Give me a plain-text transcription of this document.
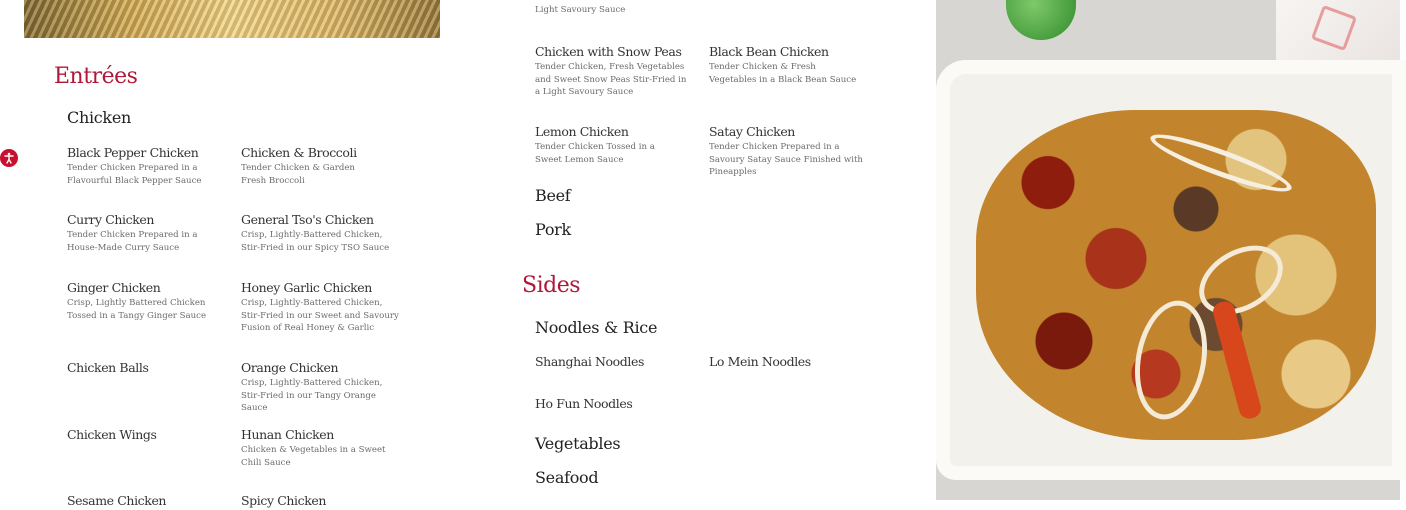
Entrées
Chicken
Black Pepper Chicken
Tender Chicken Prepared in a Flavourful Black Pepper Sauce
Chicken & Broccoli
Tender Chicken & Garden Fresh Broccoli
Curry Chicken
Tender Chicken Prepared in a House-Made Curry Sauce
General Tso's Chicken
Crisp, Lightly-Battered Chicken, Stir-Fried in our Spicy TSO Sauce
Ginger Chicken
Crisp, Lightly Battered Chicken Tossed in a Tangy Ginger Sauce
Honey Garlic Chicken
Crisp, Lightly-Battered Chicken, Stir-Fried in our Sweet and Savoury Fusion of Real Honey & Garlic
Chicken Balls	Orange Chicken
Crisp, Lightly-Battered Chicken, Stir-Fried in our Tangy Orange Sauce
Chicken Wings	Hunan Chicken
Chicken & Vegetables in a Sweet Chili Sauce
Sesame Chicken	Spicy Chicken
Light Savoury Sauce
Chicken with Snow Peas
Tender Chicken, Fresh Vegetables and Sweet Snow Peas Stir-Fried in a Light Savoury Sauce
Black Bean Chicken
Tender Chicken & Fresh Vegetables in a Black Bean Sauce
Lemon Chicken
Tender Chicken Tossed in a Sweet Lemon Sauce
Satay Chicken
Tender Chicken Prepared in a Savoury Satay Sauce Finished with Pineapples
Beef
Pork
Sides
Noodles & Rice
Shanghai Noodles	Lo Mein Noodles
Ho Fun Noodles
Vegetables
Seafood
